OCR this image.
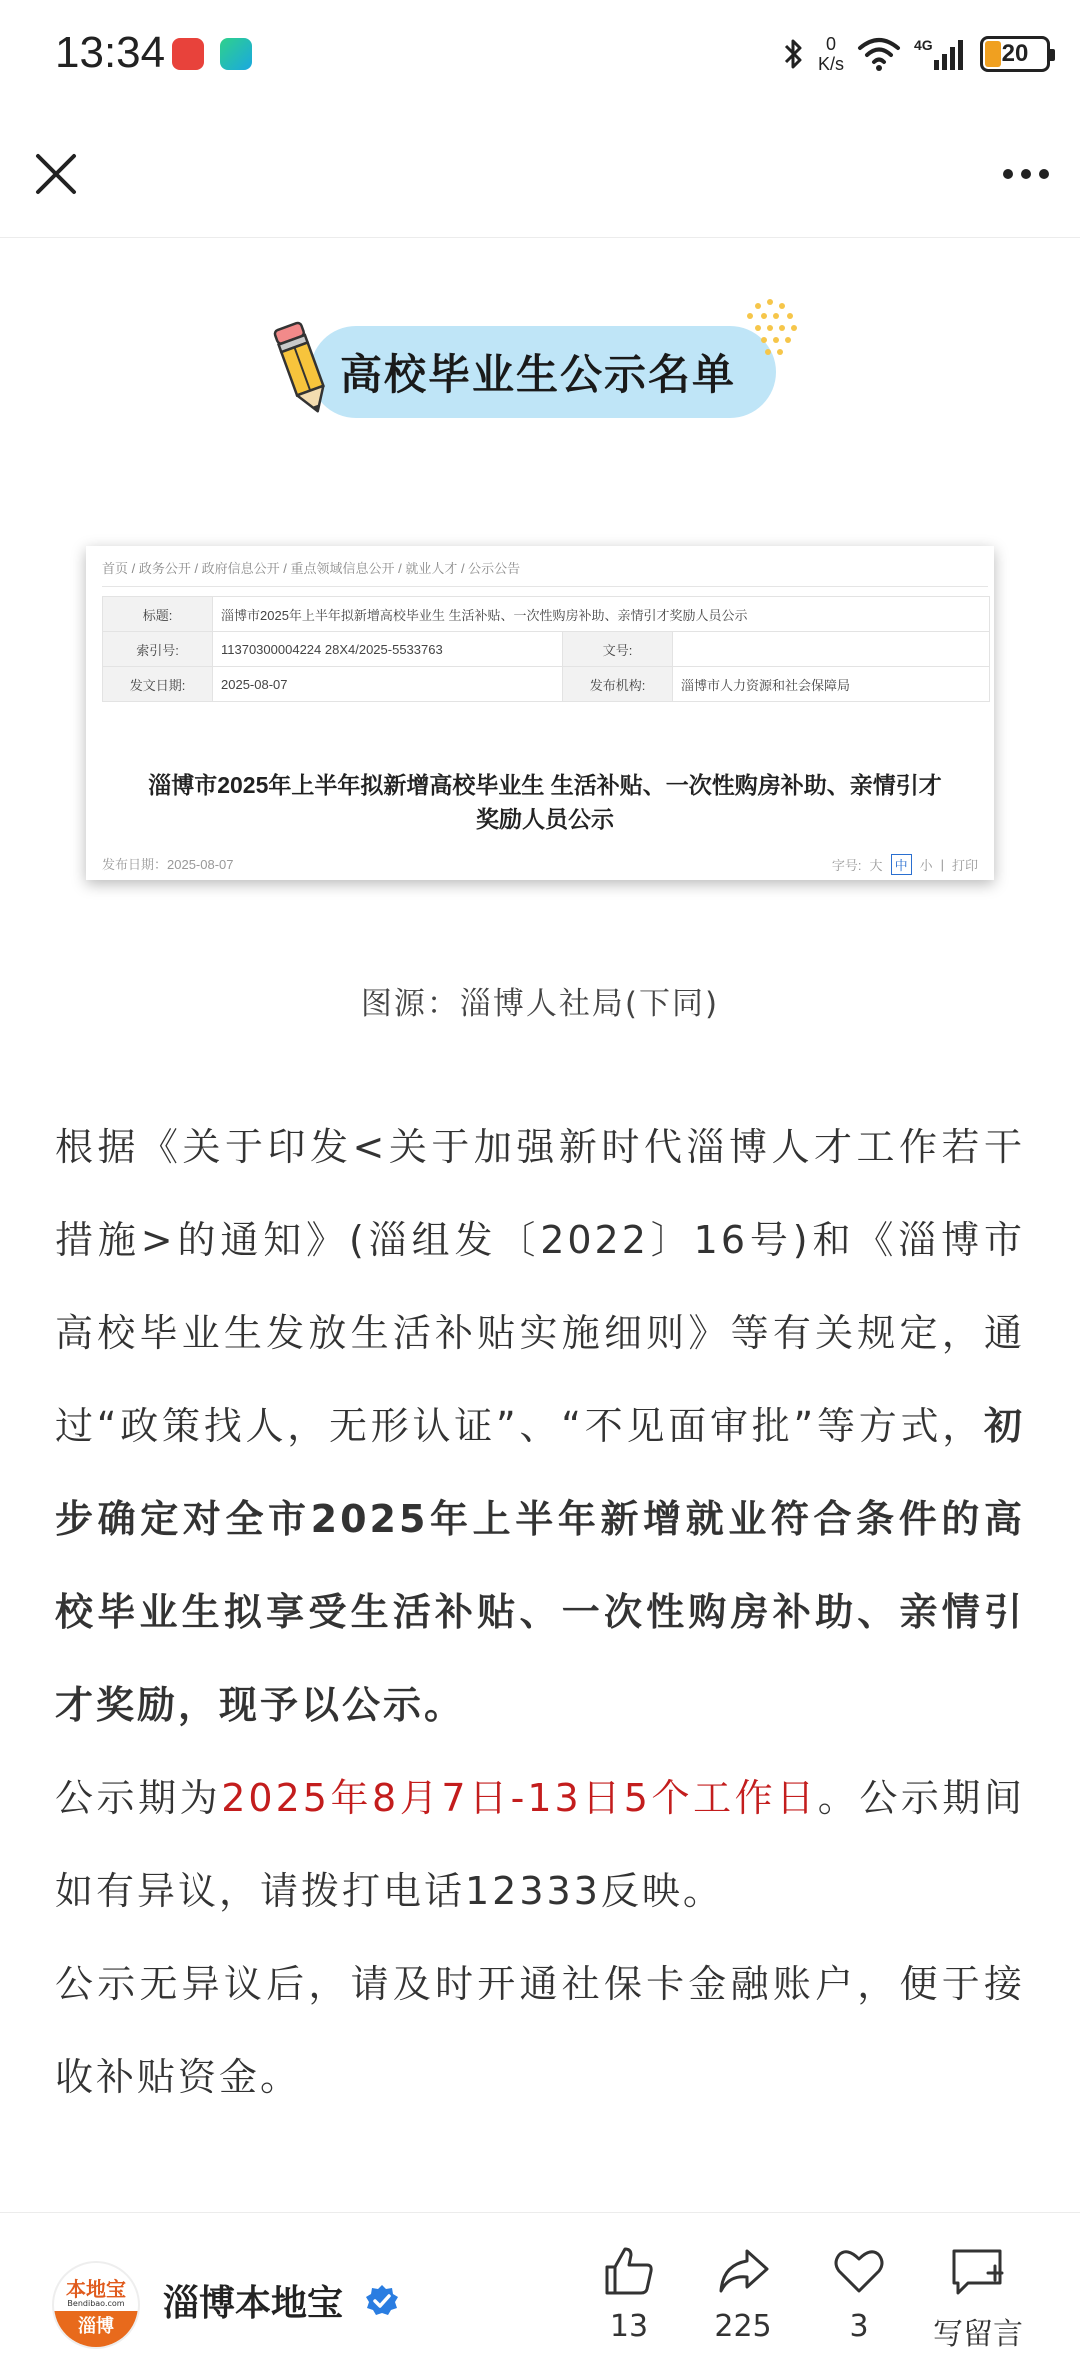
13:34	0
K/s
4G	20
高校毕业生公示名单
首页 / 政务公开 / 政府信息公开 / 重点领域信息公开 / 就业人才 / 公示公告
标题:	淄博市2025年上半年拟新增高校毕业生 生活补贴、一次性购房补助、亲情引才奖励人员公示		
索引号:	11370300004224 28X4/2025-5533763	文号:	
发文日期:	2025-08-07	发布机构:	淄博市人力资源和社会保障局
淄博市2025年上半年拟新增高校毕业生 生活补贴、一次性购房补助、亲情引才
奖励人员公示
发布日期：2025-08-07	字号: 大 中 小 | 打印
图源：淄博人社局(下同)

根据《关于印发<关于加强新时代淄博人才工作若干措施>的通知》(淄组发〔2022〕16号)和《淄博市高校毕业生发放生活补贴实施细则》等有关规定，通过“政策找人，无形认证”、“不见面审批”等方式，初步确定对全市2025年上半年新增就业符合条件的高校毕业生拟享受生活补贴、一次性购房补助、亲情引才奖励，现予以公示。

公示期为2025年8月7日-13日5个工作日。公示期间如有异议，请拨打电话12333反映。

公示无异议后，请及时开通社保卡金融账户，便于接收补贴资金。

本地宝
Bendibao.com
淄博
淄博本地宝
13	225	3	写留言
